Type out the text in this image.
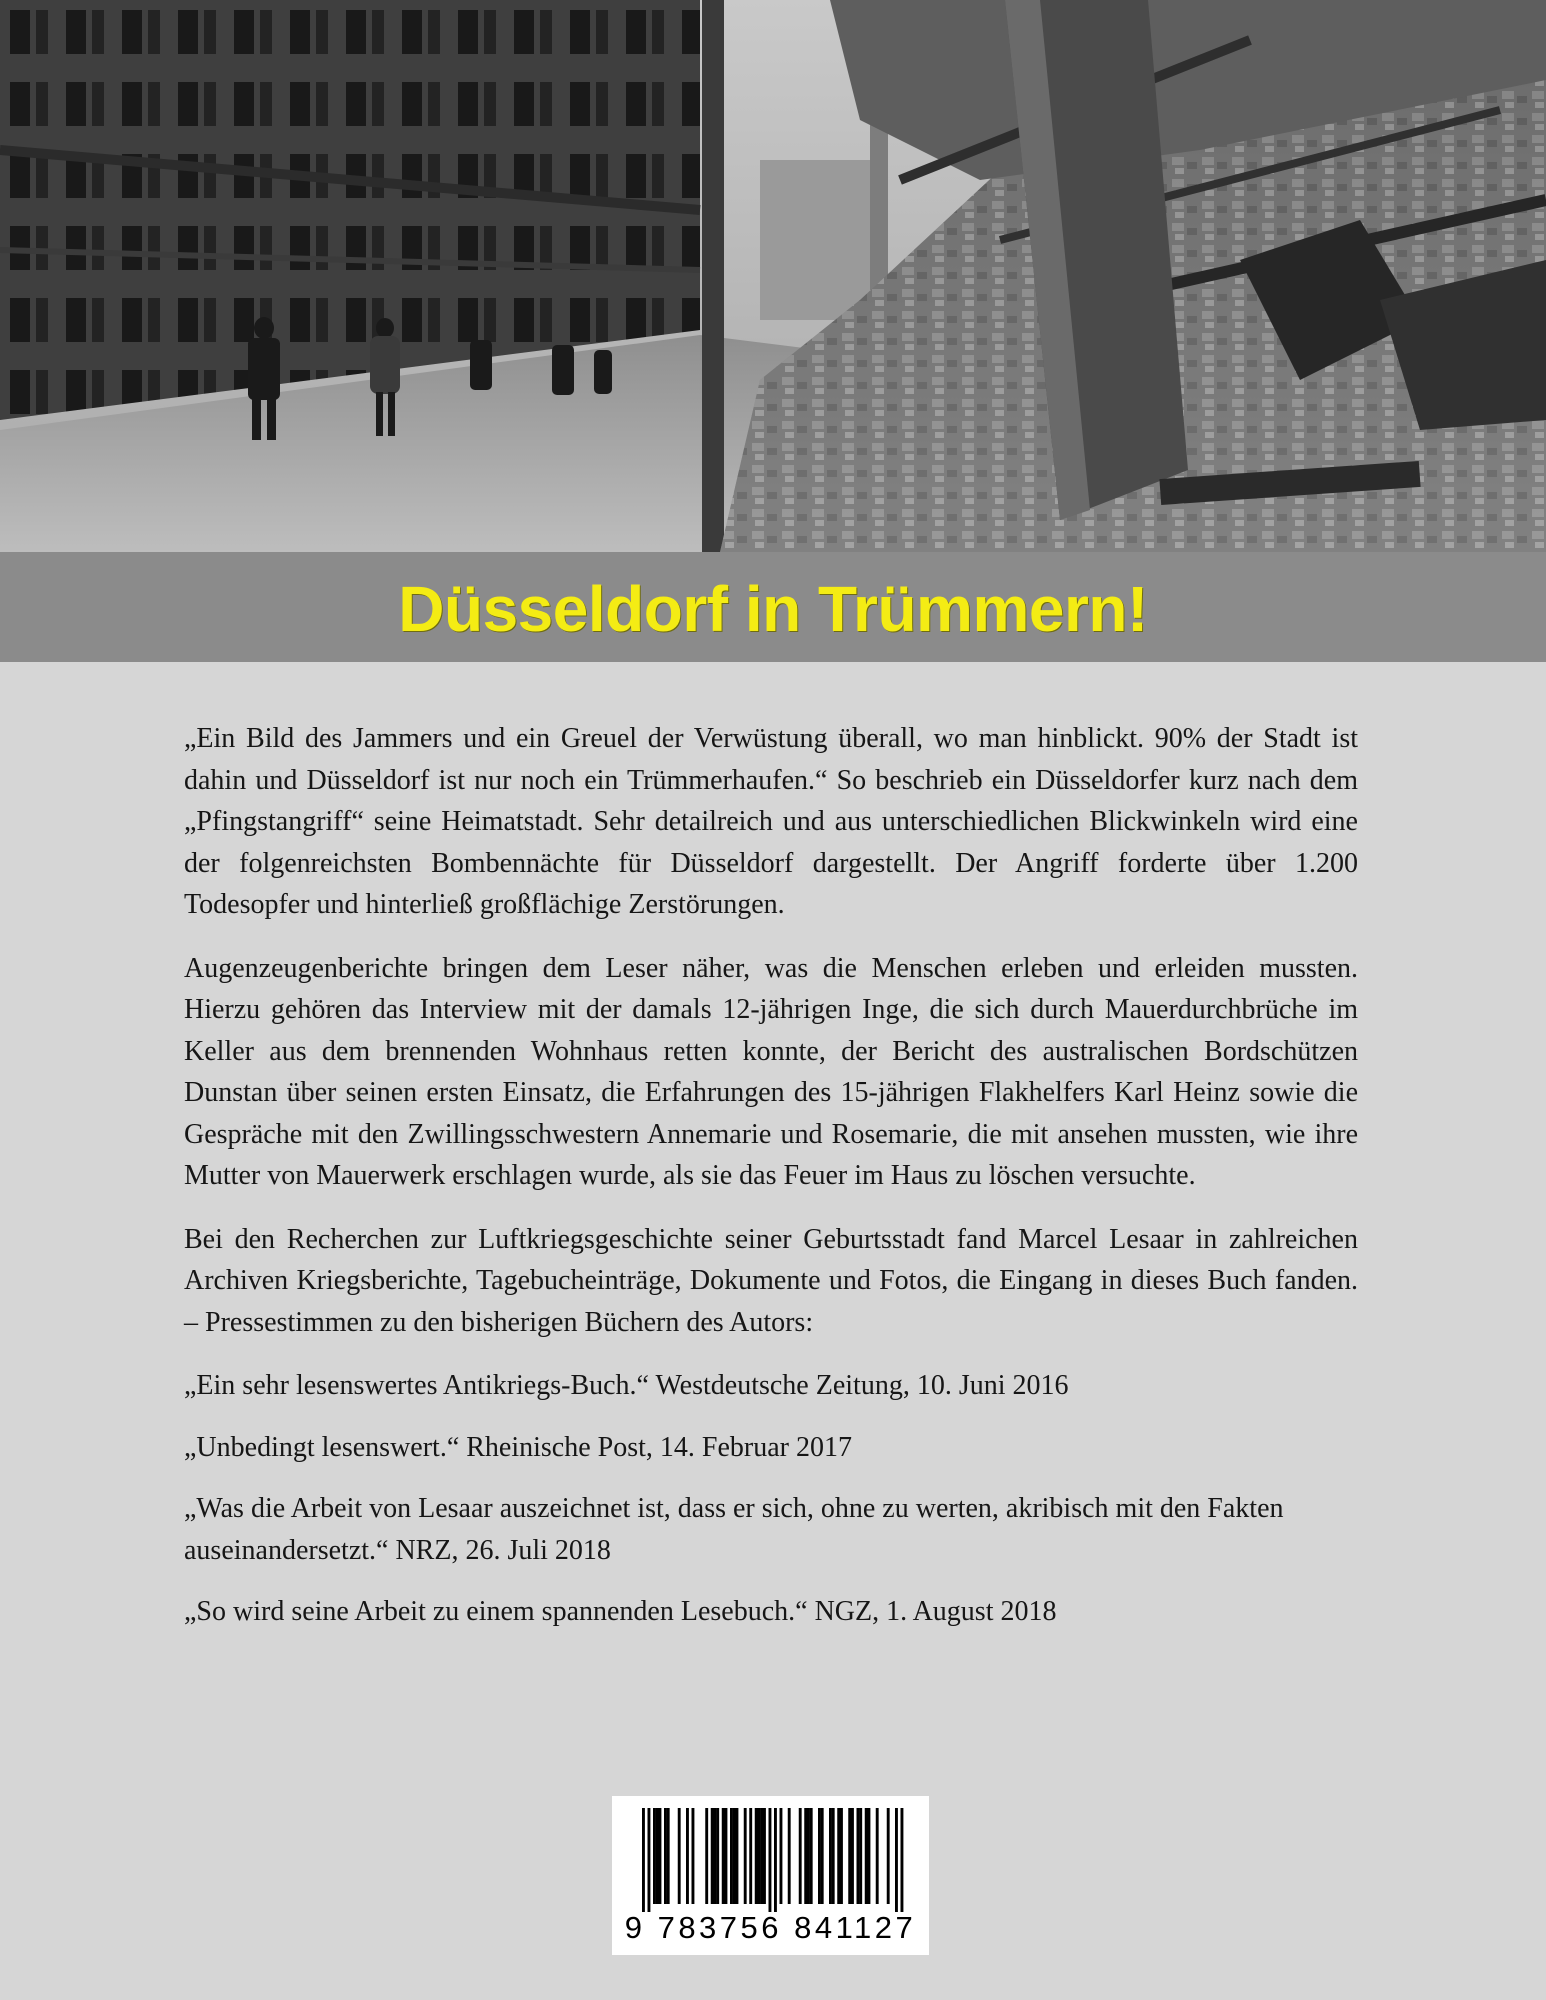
Düsseldorf in Trümmern!

„Ein Bild des Jammers und ein Greuel der Verwüstung überall, wo man hinblickt. 90% der Stadt ist dahin und Düsseldorf ist nur noch ein Trümmerhaufen.“ So beschrieb ein Düsseldorfer kurz nach dem „Pfingstangriff“ seine Heimatstadt. Sehr detailreich und aus unterschiedlichen Blickwinkeln wird eine der folgenreichsten Bombennächte für Düsseldorf dargestellt. Der Angriff forderte über 1.200 Todesopfer und hinterließ großflächige Zerstörungen.

Augenzeugenberichte bringen dem Leser näher, was die Menschen erleben und erleiden mussten. Hierzu gehören das Interview mit der damals 12-jährigen Inge, die sich durch Mauerdurchbrüche im Keller aus dem brennenden Wohnhaus retten konnte, der Bericht des australischen Bordschützen Dunstan über seinen ersten Einsatz, die Erfahrungen des 15-jährigen Flakhelfers Karl Heinz sowie die Gespräche mit den Zwillingsschwestern Annemarie und Rosemarie, die mit ansehen mussten, wie ihre Mutter von Mauerwerk erschlagen wurde, als sie das Feuer im Haus zu löschen versuchte.

Bei den Recherchen zur Luftkriegsgeschichte seiner Geburtsstadt fand Marcel Lesaar in zahlreichen Archiven Kriegsberichte, Tagebucheinträge, Dokumente und Fotos, die Eingang in dieses Buch fanden. – Pressestimmen zu den bisherigen Büchern des Autors:

„Ein sehr lesenswertes Antikriegs-Buch.“ Westdeutsche Zeitung, 10. Juni 2016

„Unbedingt lesenswert.“ Rheinische Post, 14. Februar 2017

„Was die Arbeit von Lesaar auszeichnet ist, dass er sich, ohne zu werten, akribisch mit den Fakten auseinandersetzt.“ NRZ, 26. Juli 2018

„So wird seine Arbeit zu einem spannenden Lesebuch.“ NGZ, 1. August 2018

9 783756 841127
